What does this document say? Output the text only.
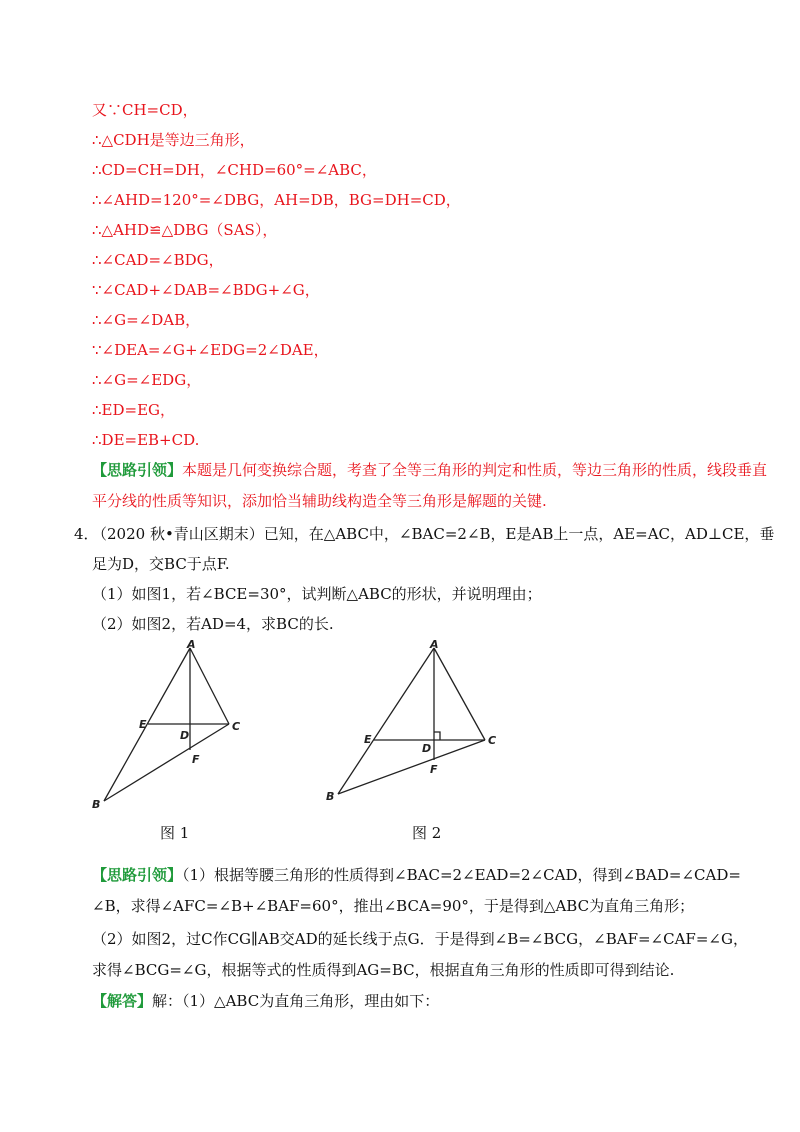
又∵CH=CD，
∴△CDH是等边三角形，
∴CD=CH=DH，∠CHD=60°=∠ABC，
∴∠AHD=120°=∠DBG，AH=DB，BG=DH=CD，
∴△AHD≌△DBG（SAS），
∴∠CAD=∠BDG，
∵∠CAD+∠DAB=∠BDG+∠G，
∴∠G=∠DAB，
∵∠DEA=∠G+∠EDG=2∠DAE，
∴∠G=∠EDG，
∴ED=EG，
∴DE=EB+CD.
【思路引领】本题是几何变换综合题，考查了全等三角形的判定和性质，等边三角形的性质，线段垂直
平分线的性质等知识，添加恰当辅助线构造全等三角形是解题的关键.
4．
（2020 秋•青山区期末）已知，在△ABC中，∠BAC=2∠B，E是AB上一点，AE=AC，AD⊥CE，垂
足为D，交BC于点F.
（1）如图1，若∠BCE=30°，试判断△ABC的形状，并说明理由；
（2）如图2，若AD=4，求BC的长.
A
E	C
D
F
B
图 1
A
E	C
D
F
B
图 2
【思路引领】（1）根据等腰三角形的性质得到∠BAC=2∠EAD=2∠CAD，得到∠BAD=∠CAD=
∠B，求得∠AFC=∠B+∠BAF=60°，推出∠BCA=90°，于是得到△ABC为直角三角形；
（2）如图2，过C作CG∥AB交AD的延长线于点G．于是得到∠B=∠BCG，∠BAF=∠CAF=∠G，
求得∠BCG=∠G，根据等式的性质得到AG=BC，根据直角三角形的性质即可得到结论.
【解答】解：（1）△ABC为直角三角形，理由如下：
